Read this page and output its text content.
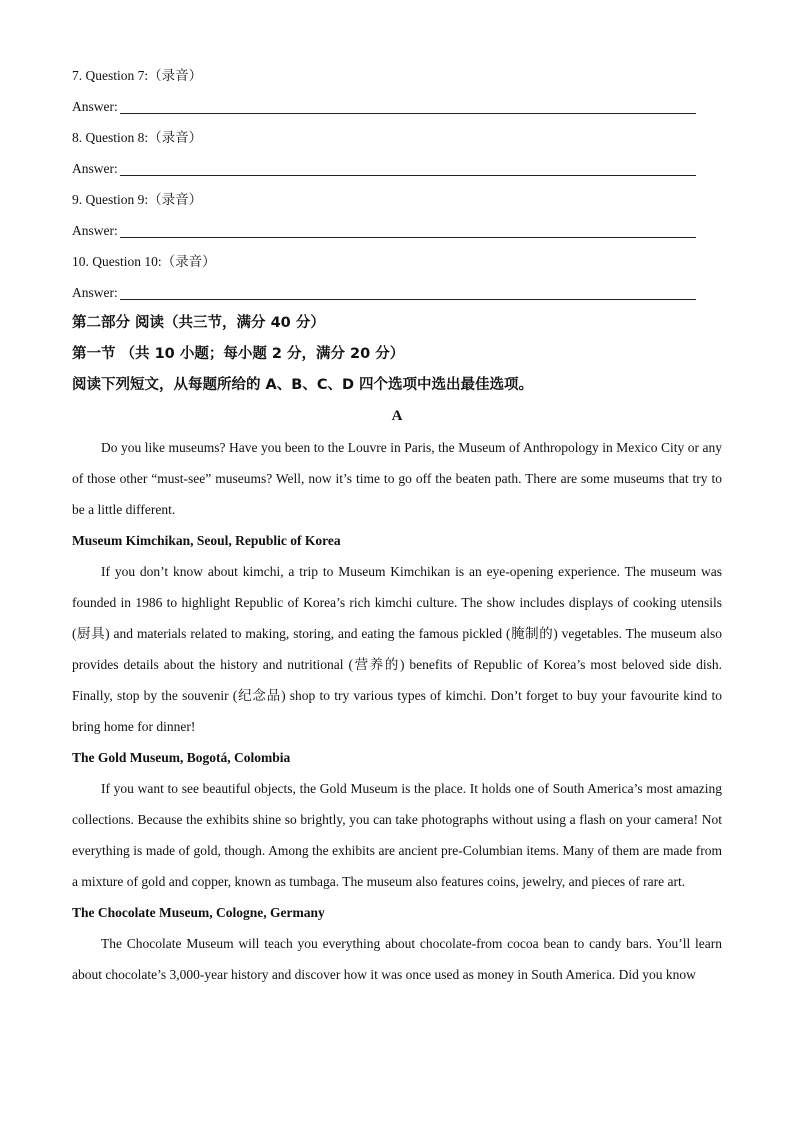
7. Question 7:（录音）
Answer:
8. Question 8:（录音）
Answer:
9. Question 9:（录音）
Answer:
10. Question 10:（录音）
Answer:
第二部分 阅读（共三节，满分 40 分）
第一节 （共 10 小题；每小题 2 分，满分 20 分）
阅读下列短文，从每题所给的 A、B、C、D 四个选项中选出最佳选项。
A

Do you like museums? Have you been to the Louvre in Paris, the Museum of Anthropology in Mexico City or any of those other “must-see” museums? Well, now it’s time to go off the beaten path. There are some museums that try to be a little different.

Museum Kimchikan, Seoul, Republic of Korea

If you don’t know about kimchi, a trip to Museum Kimchikan is an eye-opening experience. The museum was founded in 1986 to highlight Republic of Korea’s rich kimchi culture. The show includes displays of cooking utensils (厨具) and materials related to making, storing, and eating the famous pickled (腌制的) vegetables. The museum also provides details about the history and nutritional (营养的) benefits of Republic of Korea’s most beloved side dish. Finally, stop by the souvenir (纪念品) shop to try various types of kimchi. Don’t forget to buy your favourite kind to bring home for dinner!

The Gold Museum, Bogotá, Colombia

If you want to see beautiful objects, the Gold Museum is the place. It holds one of South America’s most amazing collections. Because the exhibits shine so brightly, you can take photographs without using a flash on your camera! Not everything is made of gold, though. Among the exhibits are ancient pre-Columbian items. Many of them are made from a mixture of gold and copper, known as tumbaga. The museum also features coins, jewelry, and pieces of rare art.

The Chocolate Museum, Cologne, Germany

The Chocolate Museum will teach you everything about chocolate-from cocoa bean to candy bars. You’ll learn about chocolate’s 3,000-year history and discover how it was once used as money in South America. Did you know
